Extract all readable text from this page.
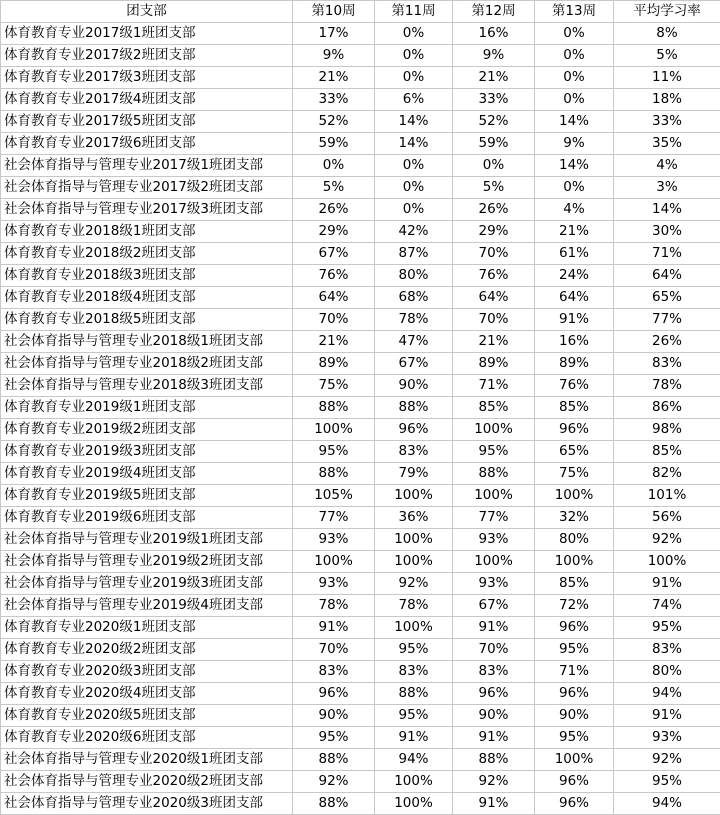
团支部	第10周	第11周	第12周	第13周	平均学习率
体育教育专业2017级1班团支部	17%	0%	16%	0%	8%
体育教育专业2017级2班团支部	9%	0%	9%	0%	5%
体育教育专业2017级3班团支部	21%	0%	21%	0%	11%
体育教育专业2017级4班团支部	33%	6%	33%	0%	18%
体育教育专业2017级5班团支部	52%	14%	52%	14%	33%
体育教育专业2017级6班团支部	59%	14%	59%	9%	35%
社会体育指导与管理专业2017级1班团支部	0%	0%	0%	14%	4%
社会体育指导与管理专业2017级2班团支部	5%	0%	5%	0%	3%
社会体育指导与管理专业2017级3班团支部	26%	0%	26%	4%	14%
体育教育专业2018级1班团支部	29%	42%	29%	21%	30%
体育教育专业2018级2班团支部	67%	87%	70%	61%	71%
体育教育专业2018级3班团支部	76%	80%	76%	24%	64%
体育教育专业2018级4班团支部	64%	68%	64%	64%	65%
体育教育专业2018级5班团支部	70%	78%	70%	91%	77%
社会体育指导与管理专业2018级1班团支部	21%	47%	21%	16%	26%
社会体育指导与管理专业2018级2班团支部	89%	67%	89%	89%	83%
社会体育指导与管理专业2018级3班团支部	75%	90%	71%	76%	78%
体育教育专业2019级1班团支部	88%	88%	85%	85%	86%
体育教育专业2019级2班团支部	100%	96%	100%	96%	98%
体育教育专业2019级3班团支部	95%	83%	95%	65%	85%
体育教育专业2019级4班团支部	88%	79%	88%	75%	82%
体育教育专业2019级5班团支部	105%	100%	100%	100%	101%
体育教育专业2019级6班团支部	77%	36%	77%	32%	56%
社会体育指导与管理专业2019级1班团支部	93%	100%	93%	80%	92%
社会体育指导与管理专业2019级2班团支部	100%	100%	100%	100%	100%
社会体育指导与管理专业2019级3班团支部	93%	92%	93%	85%	91%
社会体育指导与管理专业2019级4班团支部	78%	78%	67%	72%	74%
体育教育专业2020级1班团支部	91%	100%	91%	96%	95%
体育教育专业2020级2班团支部	70%	95%	70%	95%	83%
体育教育专业2020级3班团支部	83%	83%	83%	71%	80%
体育教育专业2020级4班团支部	96%	88%	96%	96%	94%
体育教育专业2020级5班团支部	90%	95%	90%	90%	91%
体育教育专业2020级6班团支部	95%	91%	91%	95%	93%
社会体育指导与管理专业2020级1班团支部	88%	94%	88%	100%	92%
社会体育指导与管理专业2020级2班团支部	92%	100%	92%	96%	95%
社会体育指导与管理专业2020级3班团支部	88%	100%	91%	96%	94%
